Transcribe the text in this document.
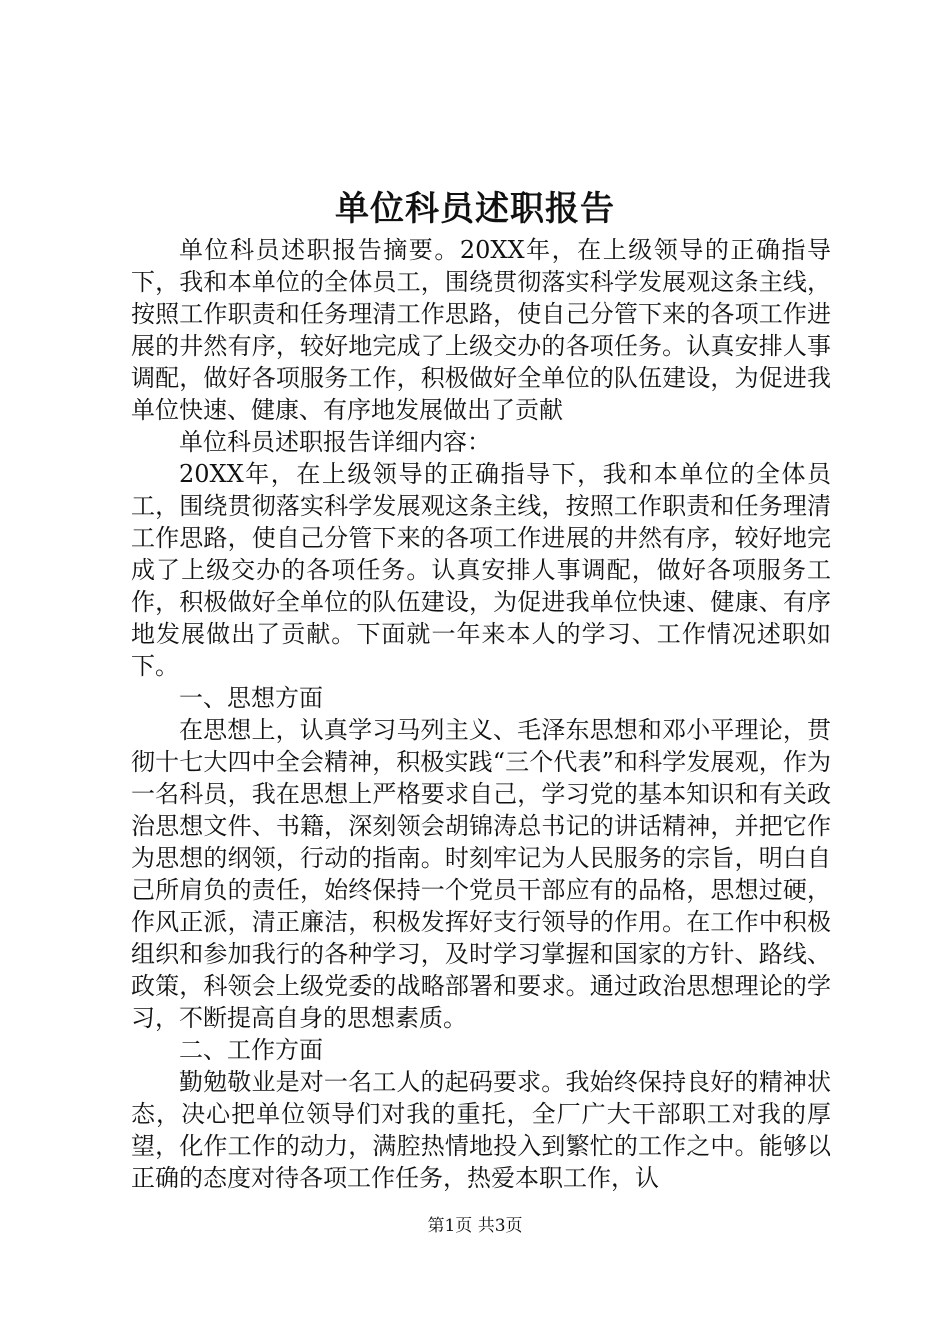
单位科员述职报告

单位科员述职报告摘要。20XX年，在上级领导的正确指导下，我和本单位的全体员工，围绕贯彻落实科学发展观这条主线，按照工作职责和任务理清工作思路，使自己分管下来的各项工作进展的井然有序，较好地完成了上级交办的各项任务。认真安排人事调配，做好各项服务工作，积极做好全单位的队伍建设，为促进我单位快速、健康、有序地发展做出了贡献

单位科员述职报告详细内容：

20XX年，在上级领导的正确指导下，我和本单位的全体员工，围绕贯彻落实科学发展观这条主线，按照工作职责和任务理清工作思路，使自己分管下来的各项工作进展的井然有序，较好地完成了上级交办的各项任务。认真安排人事调配，做好各项服务工作，积极做好全单位的队伍建设，为促进我单位快速、健康、有序地发展做出了贡献。下面就一年来本人的学习、工作情况述职如下。

一、思想方面

在思想上，认真学习马列主义、毛泽东思想和邓小平理论，贯彻十七大四中全会精神，积极实践“三个代表”和科学发展观，作为一名科员，我在思想上严格要求自己，学习党的基本知识和有关政治思想文件、书籍，深刻领会胡锦涛总书记的讲话精神，并把它作为思想的纲领，行动的指南。时刻牢记为人民服务的宗旨，明白自己所肩负的责任，始终保持一个党员干部应有的品格，思想过硬，作风正派，清正廉洁，积极发挥好支行领导的作用。在工作中积极组织和参加我行的各种学习，及时学习掌握和国家的方针、路线、政策，科领会上级党委的战略部署和要求。通过政治思想理论的学习，不断提高自身的思想素质。

二、工作方面

勤勉敬业是对一名工人的起码要求。我始终保持良好的精神状态，决心把单位领导们对我的重托，全厂广大干部职工对我的厚望，化作工作的动力，满腔热情地投入到繁忙的工作之中。能够以正确的态度对待各项工作任务，热爱本职工作，认

第1页 共3页
